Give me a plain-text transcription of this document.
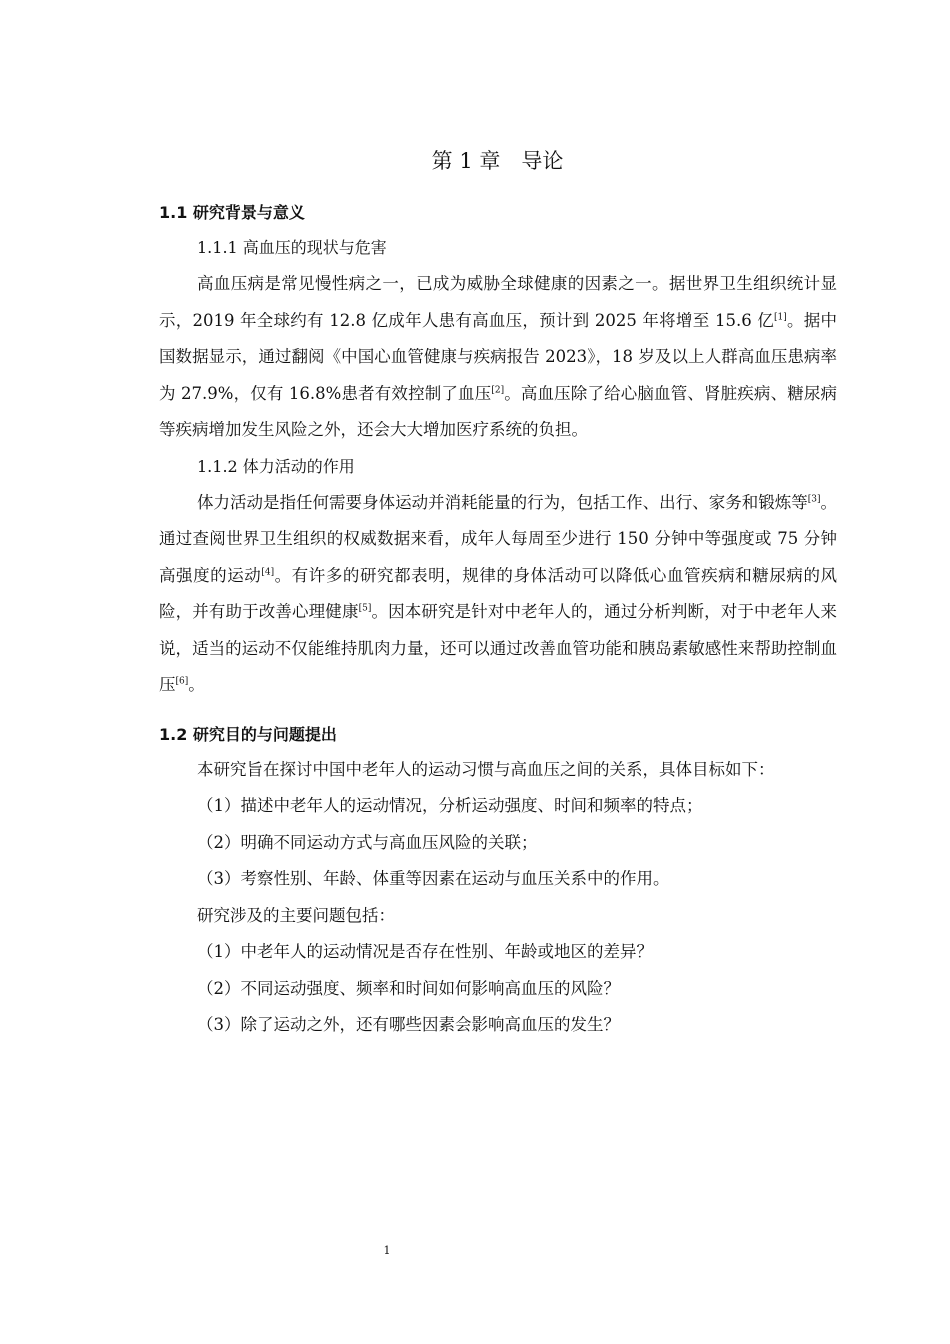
第 1 章　导论
1.1 研究背景与意义
1.1.1 高血压的现状与危害

高血压病是常见慢性病之一，已成为威胁全球健康的因素之一。据世界卫生组织统计显示，2019 年全球约有 12.8 亿成年人患有高血压，预计到 2025 年将增至 15.6 亿[1]。据中国数据显示，通过翻阅《中国心血管健康与疾病报告 2023》，18 岁及以上人群高血压患病率为 27.9%，仅有 16.8%患者有效控制了血压[2]。高血压除了给心脑血管、肾脏疾病、糖尿病等疾病增加发生风险之外，还会大大增加医疗系统的负担。

1.1.2 体力活动的作用

体力活动是指任何需要身体运动并消耗能量的行为，包括工作、出行、家务和锻炼等[3]。通过查阅世界卫生组织的权威数据来看，成年人每周至少进行 150 分钟中等强度或 75 分钟高强度的运动[4]。有许多的研究都表明，规律的身体活动可以降低心血管疾病和糖尿病的风险，并有助于改善心理健康[5]。因本研究是针对中老年人的，通过分析判断，对于中老年人来说，适当的运动不仅能维持肌肉力量，还可以通过改善血管功能和胰岛素敏感性来帮助控制血压[6]。

1.2 研究目的与问题提出

本研究旨在探讨中国中老年人的运动习惯与高血压之间的关系，具体目标如下：

（1）描述中老年人的运动情况，分析运动强度、时间和频率的特点；

（2）明确不同运动方式与高血压风险的关联；

（3）考察性别、年龄、体重等因素在运动与血压关系中的作用。

研究涉及的主要问题包括：

（1）中老年人的运动情况是否存在性别、年龄或地区的差异？

（2）不同运动强度、频率和时间如何影响高血压的风险？

（3）除了运动之外，还有哪些因素会影响高血压的发生？

1
